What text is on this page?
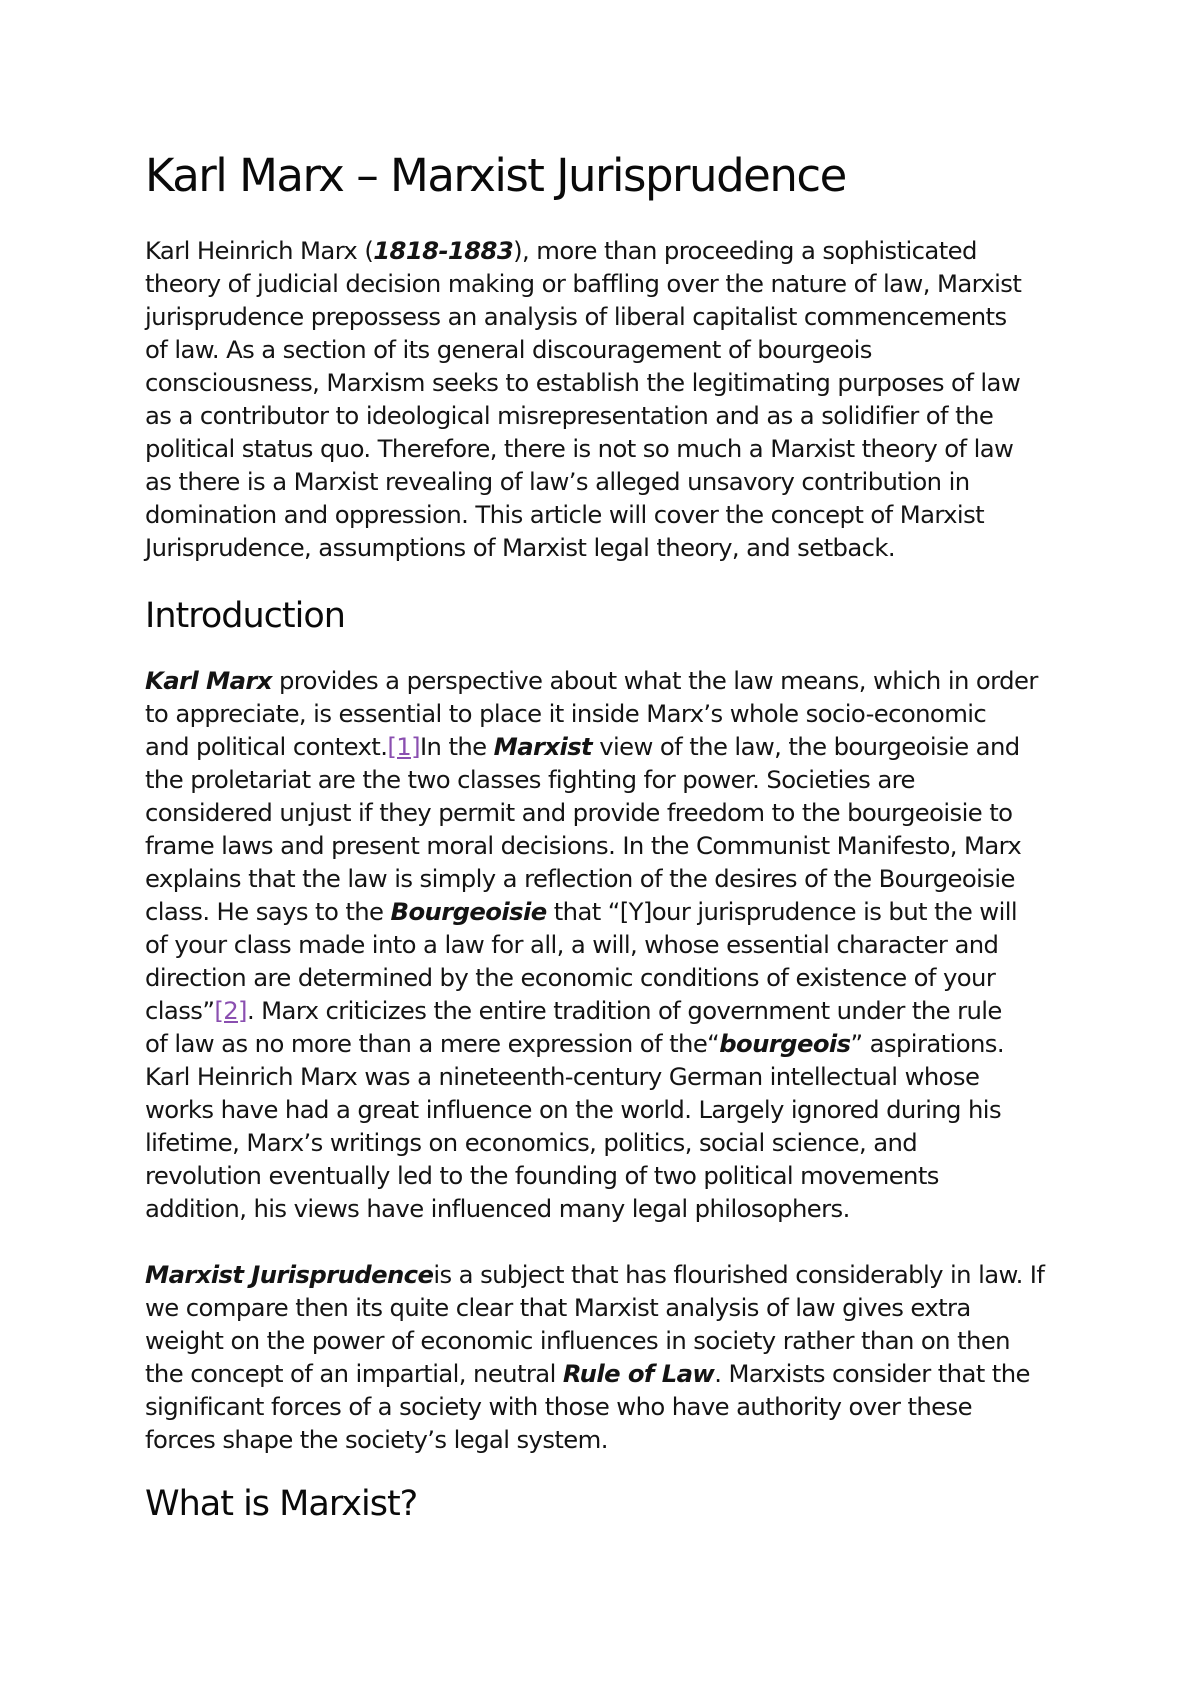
Karl Marx – Marxist Jurisprudence
Karl Heinrich Marx (1818-1883), more than proceeding a sophisticated
theory of judicial decision making or baffling over the nature of law, Marxist
jurisprudence prepossess an analysis of liberal capitalist commencements
of law. As a section of its general discouragement of bourgeois
consciousness, Marxism seeks to establish the legitimating purposes of law
as a contributor to ideological misrepresentation and as a solidifier of the
political status quo. Therefore, there is not so much a Marxist theory of law
as there is a Marxist revealing of law’s alleged unsavory contribution in
domination and oppression. This article will cover the concept of Marxist
Jurisprudence, assumptions of Marxist legal theory, and setback.
Introduction
Karl Marx provides a perspective about what the law means, which in order
to appreciate, is essential to place it inside Marx’s whole socio-economic
and political context.[1]In the Marxist view of the law, the bourgeoisie and
the proletariat are the two classes fighting for power. Societies are
considered unjust if they permit and provide freedom to the bourgeoisie to
frame laws and present moral decisions. In the Communist Manifesto, Marx
explains that the law is simply a reflection of the desires of the Bourgeoisie
class. He says to the Bourgeoisie that “[Y]our jurisprudence is but the will
of your class made into a law for all, a will, whose essential character and
direction are determined by the economic conditions of existence of your
class”[2]. Marx criticizes the entire tradition of government under the rule
of law as no more than a mere expression of the“bourgeois” aspirations.
Karl Heinrich Marx was a nineteenth-century German intellectual whose
works have had a great influence on the world. Largely ignored during his
lifetime, Marx’s writings on economics, politics, social science, and
revolution eventually led to the founding of two political movements
addition, his views have influenced many legal philosophers.
Marxist Jurisprudenceis a subject that has flourished considerably in law. If
we compare then its quite clear that Marxist analysis of law gives extra
weight on the power of economic influences in society rather than on then
the concept of an impartial, neutral Rule of Law. Marxists consider that the
significant forces of a society with those who have authority over these
forces shape the society’s legal system.
What is Marxist?
